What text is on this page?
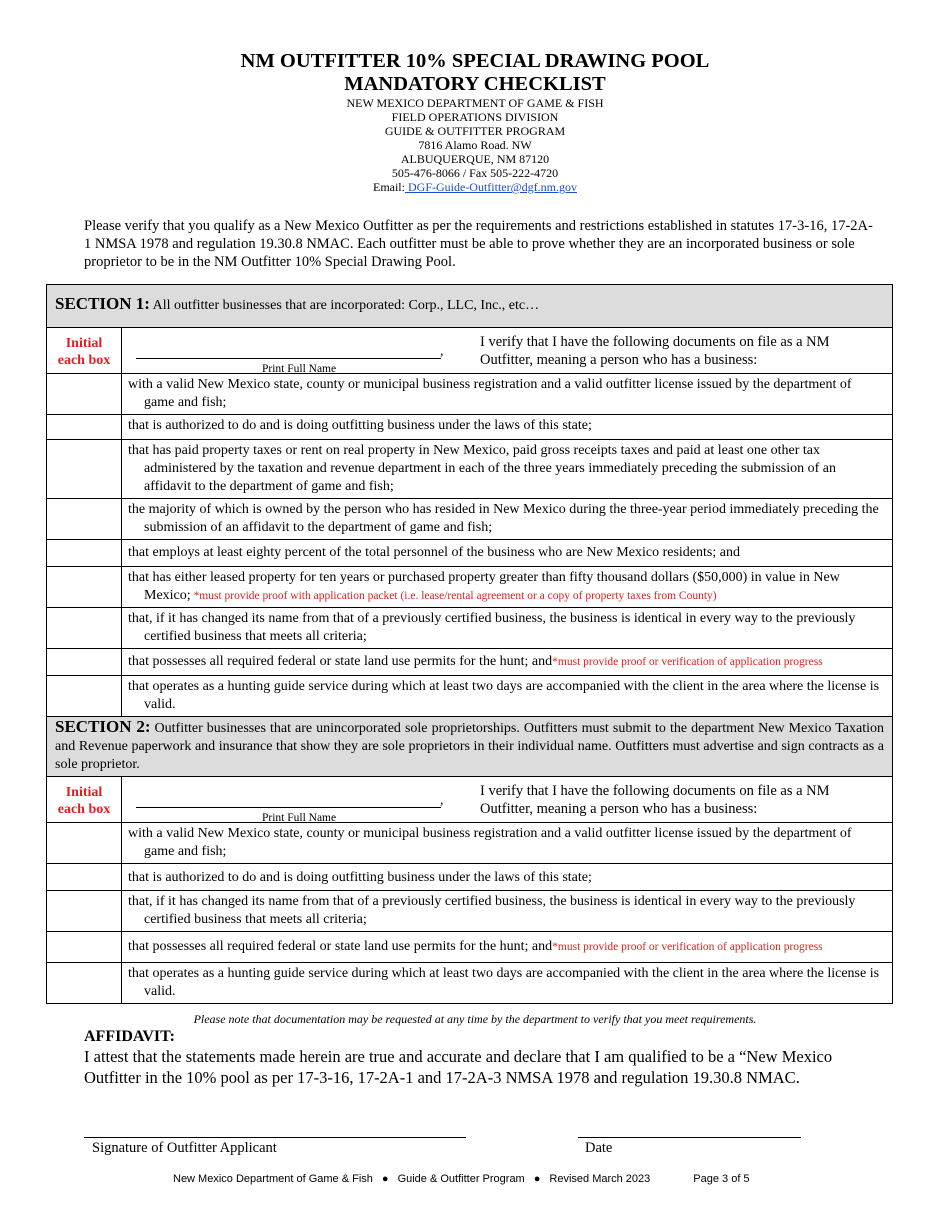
NM OUTFITTER 10% SPECIAL DRAWING POOL
MANDATORY CHECKLIST
NEW MEXICO DEPARTMENT OF GAME & FISH
FIELD OPERATIONS DIVISION
GUIDE & OUTFITTER PROGRAM
7816 Alamo Road. NW
ALBUQUERQUE, NM 87120
505-476-8066 / Fax 505-222-4720
Email: DGF-Guide-Outfitter@dgf.nm.gov
Please verify that you qualify as a New Mexico Outfitter as per the requirements and restrictions established in statutes 17-3-16, 17-2A-1 NMSA 1978 and regulation 19.30.8 NMAC. Each outfitter must be able to prove whether they are an incorporated business or sole proprietor to be in the NM Outfitter 10% Special Drawing Pool.
SECTION 1: All outfitter businesses that are incorporated: Corp., LLC, Inc., etc…	
Initial
each box	,
Print Full Name
I verify that I have the following documents on file as a NM Outfitter, meaning a person who has a business:

	with a valid New Mexico state, county or municipal business registration and a valid outfitter license issued by the department of game and fish;

	that is authorized to do and is doing outfitting business under the laws of this state;

	that has paid property taxes or rent on real property in New Mexico, paid gross receipts taxes and paid at least one other tax administered by the taxation and revenue department in each of the three years immediately preceding the submission of an affidavit to the department of game and fish;

	the majority of which is owned by the person who has resided in New Mexico during the three-year period immediately preceding the submission of an affidavit to the department of game and fish;

	that employs at least eighty percent of the total personnel of the business who are New Mexico residents; and

	that has either leased property for ten years or purchased property greater than fifty thousand dollars ($50,000) in value in New Mexico; *must provide proof with application packet (i.e. lease/rental agreement or a copy of property taxes from County)

	that, if it has changed its name from that of a previously certified business, the business is identical in every way to the previously certified business that meets all criteria;

	that possesses all required federal or state land use permits for the hunt; and*must provide proof or verification of application progress

	that operates as a hunting guide service during which at least two days are accompanied with the client in the area where the license is valid.

SECTION 2: Outfitter businesses that are unincorporated sole proprietorships. Outfitters must submit to the department New Mexico Taxation and Revenue paperwork and insurance that show they are sole proprietors in their individual name. Outfitters must advertise and sign contracts as a sole proprietor.	

Initial
each box	,
Print Full Name
I verify that I have the following documents on file as a NM Outfitter, meaning a person who has a business:

	with a valid New Mexico state, county or municipal business registration and a valid outfitter license issued by the department of game and fish;

	that is authorized to do and is doing outfitting business under the laws of this state;

	that, if it has changed its name from that of a previously certified business, the business is identical in every way to the previously certified business that meets all criteria;

	that possesses all required federal or state land use permits for the hunt; and*must provide proof or verification of application progress

	that operates as a hunting guide service during which at least two days are accompanied with the client in the area where the license is valid.
Please note that documentation may be requested at any time by the department to verify that you meet requirements.
AFFIDAVIT:
I attest that the statements made herein are true and accurate and declare that I am qualified to be a “New Mexico Outfitter in the 10% pool as per 17-3-16, 17-2A-1 and 17-2A-3 NMSA 1978 and regulation 19.30.8 NMAC.
Signature of Outfitter Applicant	Date
New Mexico Department of Game & Fish ● Guide & Outfitter Program ● Revised March 2023	Page 3 of 5
